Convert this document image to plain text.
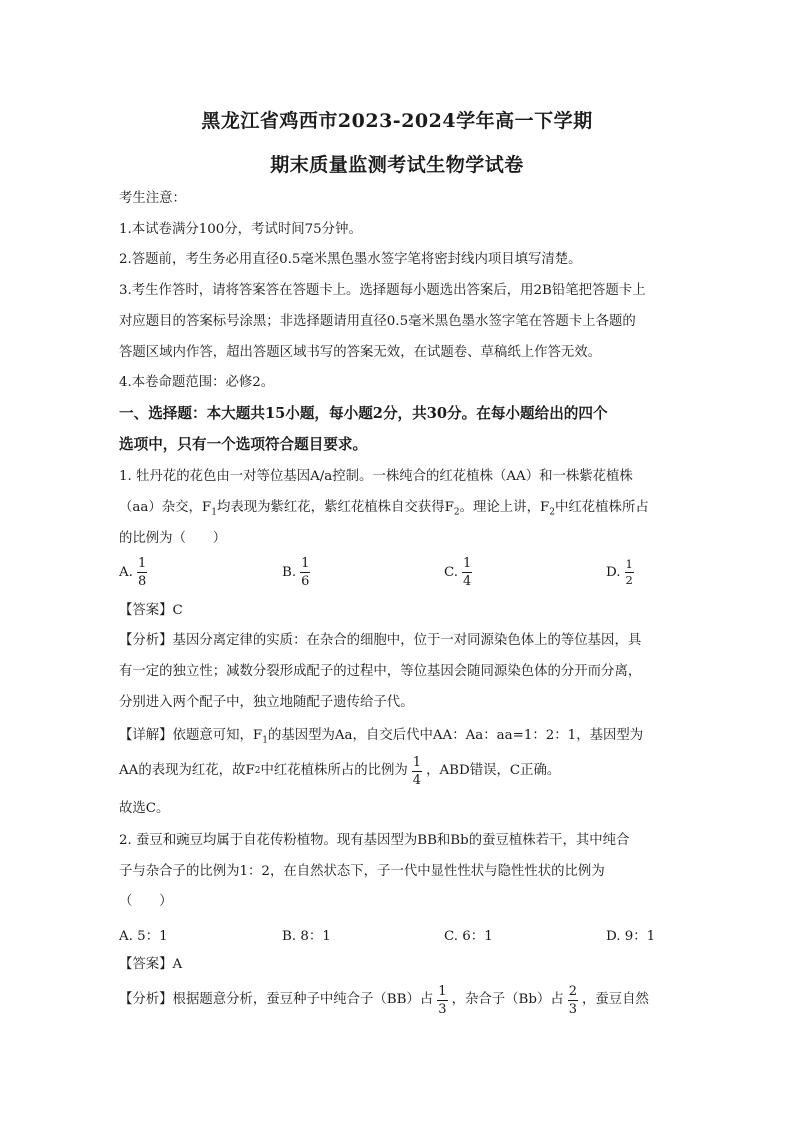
黑龙江省鸡西市2023-2024学年高一下学期
期末质量监测考试生物学试卷
考生注意：
1.本试卷满分100分，考试时间75分钟。
2.答题前，考生务必用直径0.5毫米黑色墨水签字笔将密封线内项目填写清楚。
3.考生作答时，请将答案答在答题卡上。选择题每小题选出答案后，用2B铅笔把答题卡上
对应题目的答案标号涂黑；非选择题请用直径0.5毫米黑色墨水签字笔在答题卡上各题的
答题区域内作答，超出答题区域书写的答案无效，在试题卷、草稿纸上作答无效。
4.本卷命题范围：必修2。
一、选择题：本大题共15小题，每小题2分，共30分。在每小题给出的四个
选项中，只有一个选项符合题目要求。
1. 牡丹花的花色由一对等位基因A/a控制。一株纯合的红花植株（AA）和一株紫花植株
（aa）杂交，$F_1$均表现为紫红花，紫红花植株自交获得$F_2$。理论上讲，$F_2$中红花植株所占
的比例为（　　）
A. $\frac{1}{8}$	B. $\frac{1}{6}$	C. $\frac{1}{4}$	D. $\frac{1}{2}$
【答案】C
【分析】基因分离定律的实质：在杂合的细胞中，位于一对同源染色体上的等位基因，具
有一定的独立性；减数分裂形成配子的过程中，等位基因会随同源染色体的分开而分离，
分别进入两个配子中，独立地随配子遗传给子代。
【详解】依题意可知，$F_1$的基因型为Aa，自交后代中AA：Aa：aa=1：2：1，基因型为
AA的表现为红花，故F 2 中红花植株所占的比例为 $\frac{1}{4}$ ，ABD错误，C正确。
故选C。
2. 蚕豆和豌豆均属于自花传粉植物。现有基因型为BB和Bb的蚕豆植株若干，其中纯合
子与杂合子的比例为1：2，在自然状态下，子一代中显性性状与隐性性状的比例为
（　　）
A. 5：1	B. 8：1	C. 6：1	D. 9：1
【答案】A
【分析】根据题意分析，蚕豆种子中纯合子（BB）占 $\frac{1}{3}$ ，杂合子（Bb）占 $\frac{2}{3}$ ，蚕豆自然
